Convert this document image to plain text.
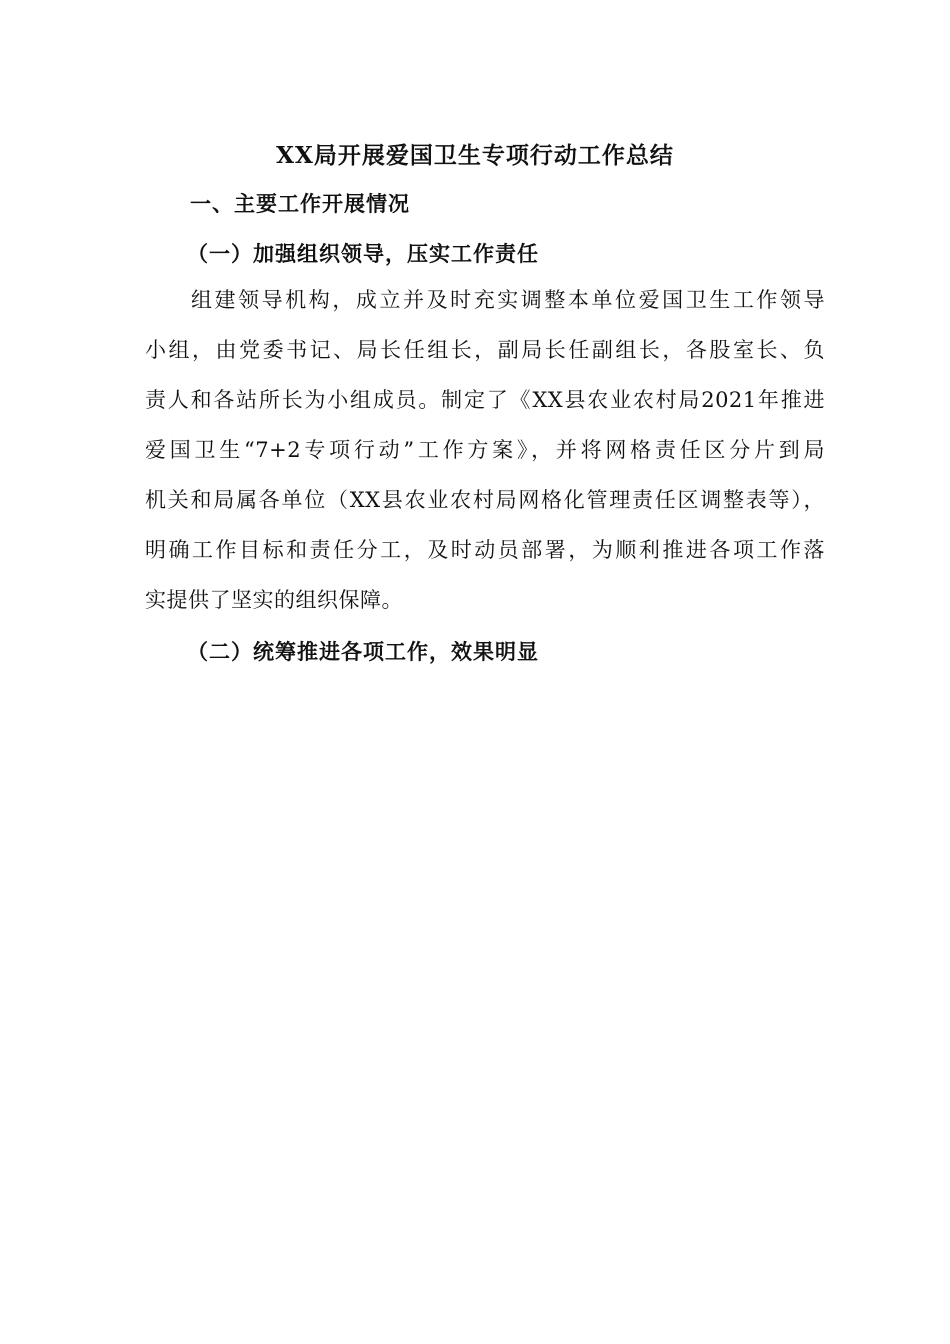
XX局开展爱国卫生专项行动工作总结
一、主要工作开展情况
（一）加强组织领导，压实工作责任
组建领导机构，成立并及时充实调整本单位爱国卫生工作领导
小组，由党委书记、局长任组长，副局长任副组长，各股室长、负
责人和各站所长为小组成员。制定了《XX县农业农村局2021年推进
爱国卫生“7+2专项行动”工作方案》，并将网格责任区分片到局
机关和局属各单位（XX县农业农村局网格化管理责任区调整表等），
明确工作目标和责任分工，及时动员部署，为顺利推进各项工作落
实提供了坚实的组织保障。
（二）统筹推进各项工作，效果明显
